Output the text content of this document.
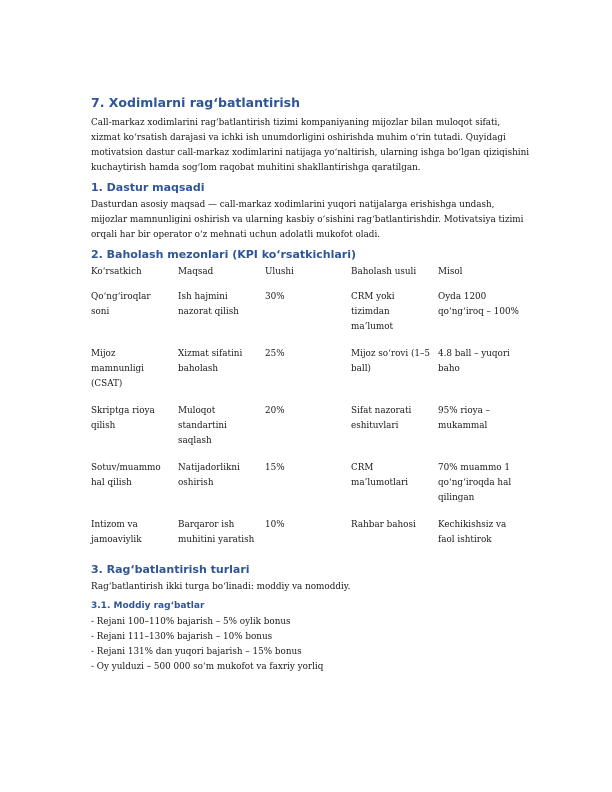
7. Xodimlarni rag‘batlantirish

Call-markaz xodimlarini rag‘batlantirish tizimi kompaniyaning mijozlar bilan muloqot sifati, xizmat ko‘rsatish darajasi va ichki ish unumdorligini oshirishda muhim o‘rin tutadi. Quyidagi motivatsion dastur call-markaz xodimlarini natijaga yo‘naltirish, ularning ishga bo‘lgan qiziqishini kuchaytirish hamda sog‘lom raqobat muhitini shakllantirishga qaratilgan.

1. Dastur maqsadi

Dasturdan asosiy maqsad — call-markaz xodimlarini yuqori natijalarga erishishga undash, mijozlar mamnunligini oshirish va ularning kasbiy o‘sishini rag‘batlantirishdir. Motivatsiya tizimi orqali har bir operator o‘z mehnati uchun adolatli mukofot oladi.

2. Baholash mezonlari (KPI ko‘rsatkichlari)
Ko‘rsatkich	Maqsad	Ulushi	Baholash usuli	Misol

Qo‘ng‘iroqlar soni	Ish hajmini nazorat qilish	30%	CRM yoki tizimdan ma’lumot	Oyda 1200 qo‘ng‘iroq – 100%

Mijoz mamnunligi (CSAT)	Xizmat sifatini baholash	25%	Mijoz so‘rovi (1–5 ball)	4.8 ball – yuqori baho

Skriptga rioya qilish	Muloqot standartini saqlash	20%	Sifat nazorati eshituvlari	95% rioya – mukammal

Sotuv/muammo hal qilish	Natijadorlikni oshirish	15%	CRM ma’lumotlari	70% muammo 1 qo‘ng‘iroqda hal qilingan

Intizom va jamoaviylik	Barqaror ish muhitini yaratish	10%	Rahbar bahosi	Kechikishsiz va faol ishtirok
3. Rag‘batlantirish turlari

Rag‘batlantirish ikki turga bo‘linadi: moddiy va nomoddiy.

3.1. Moddiy rag‘batlar
- Rejani 100–110% bajarish – 5% oylik bonus
- Rejani 111–130% bajarish – 10% bonus
- Rejani 131% dan yuqori bajarish – 15% bonus
- Oy yulduzi – 500 000 so‘m mukofot va faxriy yorliq
